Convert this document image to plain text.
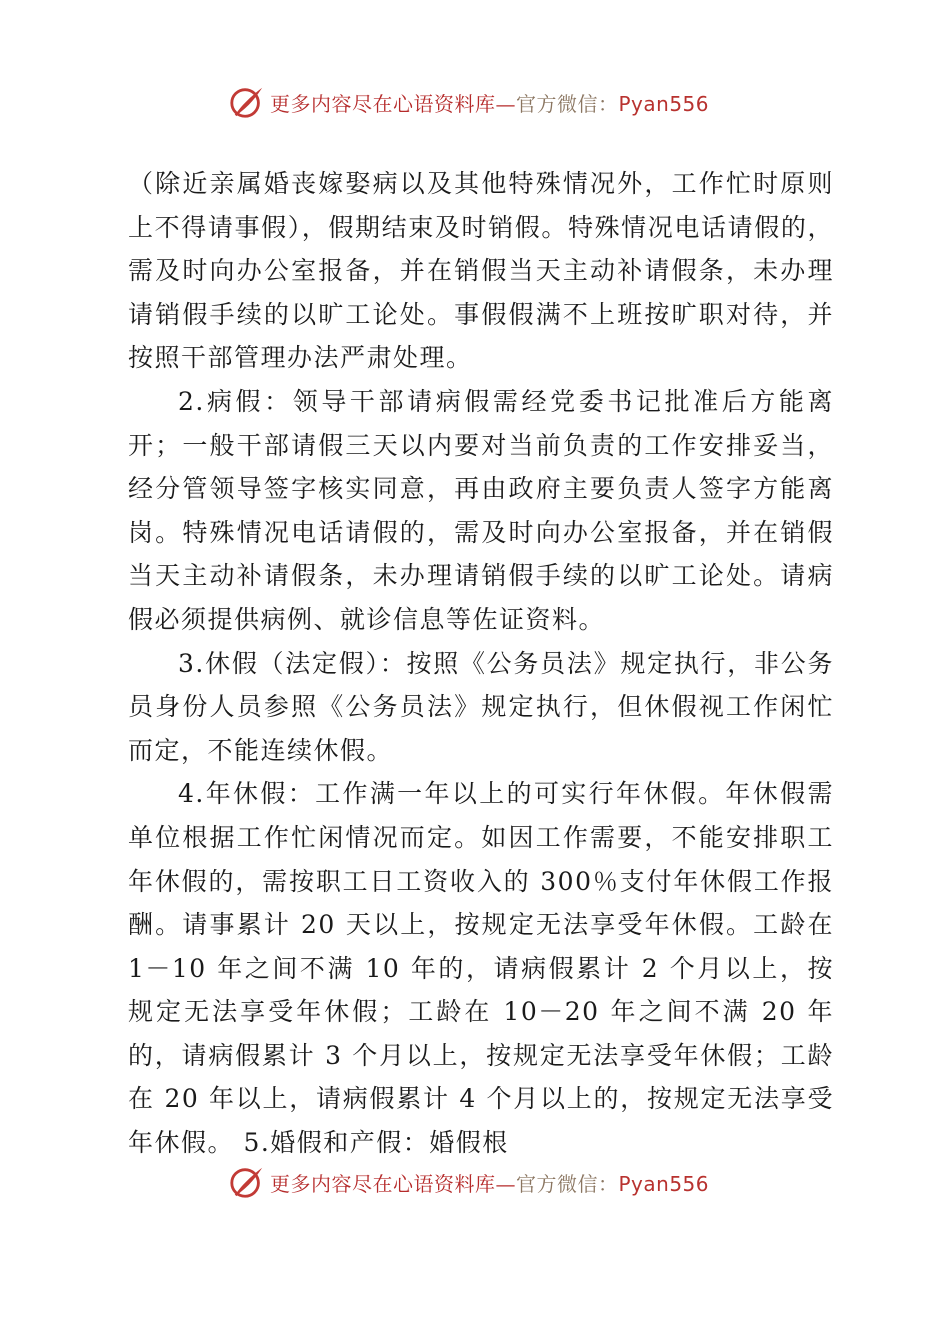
更多内容尽在心语资料库—官方微信：Pyan556

（除近亲属婚丧嫁娶病以及其他特殊情况外，工作忙时原则上不得请事假），假期结束及时销假。特殊情况电话请假的，需及时向办公室报备，并在销假当天主动补请假条，未办理请销假手续的以旷工论处。事假假满不上班按旷职对待，并按照干部管理办法严肃处理。

2.病假：领导干部请病假需经党委书记批准后方能离开；一般干部请假三天以内要对当前负责的工作安排妥当，经分管领导签字核实同意，再由政府主要负责人签字方能离岗。特殊情况电话请假的，需及时向办公室报备，并在销假当天主动补请假条，未办理请销假手续的以旷工论处。请病假必须提供病例、就诊信息等佐证资料。

3.休假（法定假）：按照《公务员法》规定执行，非公务员身份人员参照《公务员法》规定执行，但休假视工作闲忙而定，不能连续休假。

4.年休假：工作满一年以上的可实行年休假。年休假需单位根据工作忙闲情况而定。如因工作需要，不能安排职工年休假的，需按职工日工资收入的 300％支付年休假工作报酬。请事累计 20 天以上，按规定无法享受年休假。工龄在 1－10 年之间不满 10 年的，请病假累计 2 个月以上，按规定无法享受年休假；工龄在 10－20 年之间不满 20 年的，请病假累计 3 个月以上，按规定无法享受年休假；工龄在 20 年以上，请病假累计 4 个月以上的，按规定无法享受年休假。 5.婚假和产假：婚假根

更多内容尽在心语资料库—官方微信：Pyan556
